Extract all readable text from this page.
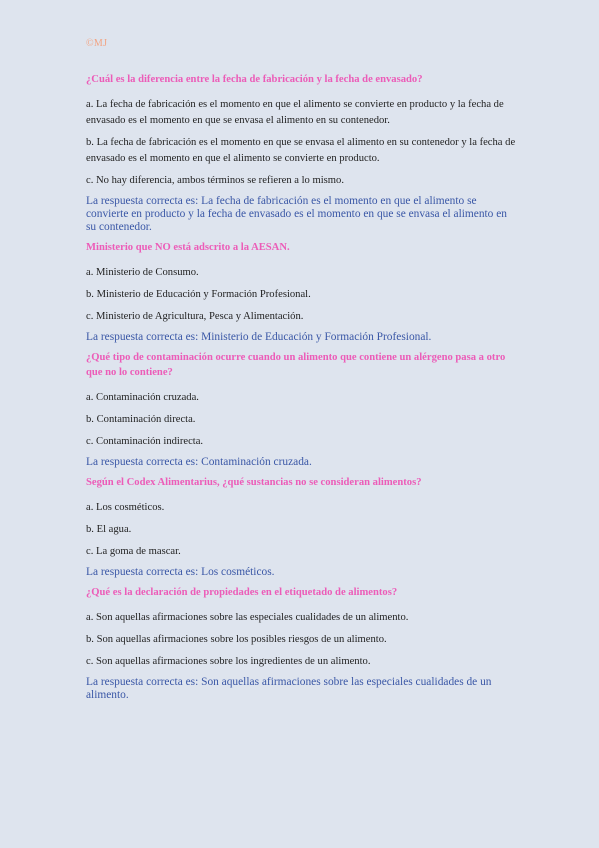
©MJ

¿Cuál es la diferencia entre la fecha de fabricación y la fecha de envasado?

a. La fecha de fabricación es el momento en que el alimento se convierte en producto y la fecha de envasado es el momento en que se envasa el alimento en su contenedor.

b. La fecha de fabricación es el momento en que se envasa el alimento en su contenedor y la fecha de envasado es el momento en que el alimento se convierte en producto.

c. No hay diferencia, ambos términos se refieren a lo mismo.

La respuesta correcta es: La fecha de fabricación es el momento en que el alimento se convierte en producto y la fecha de envasado es el momento en que se envasa el alimento en su contenedor.

Ministerio que NO está adscrito a la AESAN.

a. Ministerio de Consumo.

b. Ministerio de Educación y Formación Profesional.

c. Ministerio de Agricultura, Pesca y Alimentación.

La respuesta correcta es: Ministerio de Educación y Formación Profesional.

¿Qué tipo de contaminación ocurre cuando un alimento que contiene un alérgeno pasa a otro que no lo contiene?

a. Contaminación cruzada.

b. Contaminación directa.

c. Contaminación indirecta.

La respuesta correcta es: Contaminación cruzada.

Según el Codex Alimentarius, ¿qué sustancias no se consideran alimentos?

a. Los cosméticos.

b. El agua.

c. La goma de mascar.

La respuesta correcta es: Los cosméticos.

¿Qué es la declaración de propiedades en el etiquetado de alimentos?

a. Son aquellas afirmaciones sobre las especiales cualidades de un alimento.

b. Son aquellas afirmaciones sobre los posibles riesgos de un alimento.

c. Son aquellas afirmaciones sobre los ingredientes de un alimento.

La respuesta correcta es: Son aquellas afirmaciones sobre las especiales cualidades de un alimento.
